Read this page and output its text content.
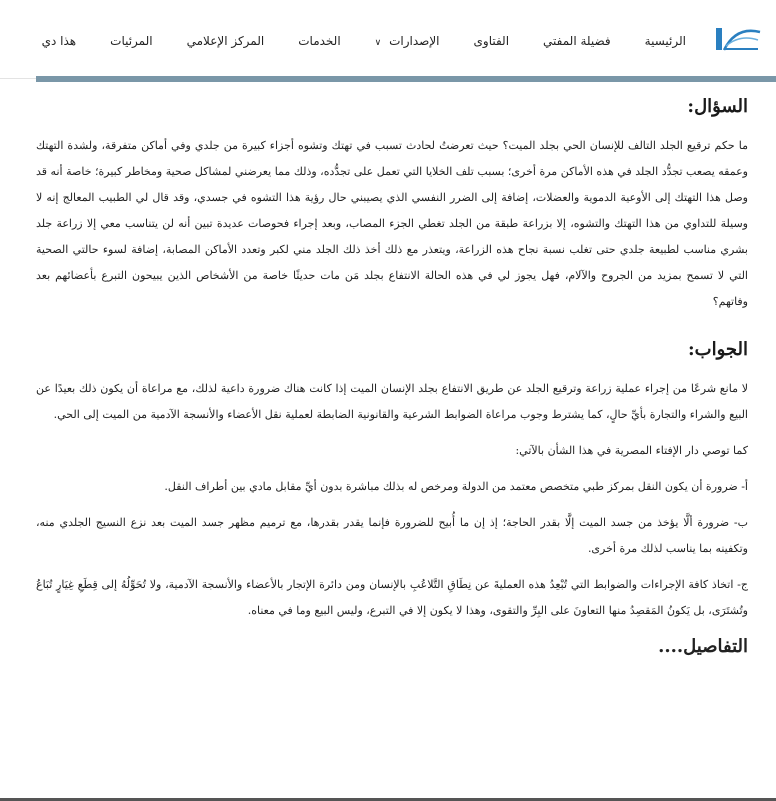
الرئيسية
فضيلة المفتي
الفتاوى
الإصدارات ∨
الخدمات
المركز الإعلامي
المرئيات
هذا دي
السؤال:

ما حكم ترقيع الجلد التالف للإنسان الحي بجلد الميت؟ حيث تعرضتُ لحادث تسبب في تهتك وتشوه أجزاء كبيرة من جلدي وفي أماكن متفرقة، ولشدة التهتك وعمقه يصعب تجدُّد الجلد في هذه الأماكن مرة أخرى؛ بسبب تلف الخلايا التي تعمل على تجدُّده، وذلك مما يعرضني لمشاكل صحية ومخاطر كبيرة؛ خاصة أنه قد وصل هذا التهتك إلى الأوعية الدموية والعضلات، إضافة إلى الضرر النفسي الذي يصيبني حال رؤية هذا التشوه في جسدي، وقد قال لي الطبيب المعالج إنه لا وسيلة للتداوي من هذا التهتك والتشوه، إلا بزراعة طبقة من الجلد تغطي الجزء المصاب، وبعد إجراء فحوصات عديدة تبين أنه لن يتناسب معي إلا زراعة جلد بشري مناسب لطبيعة جلدي حتى تغلب نسبة نجاح هذه الزراعة، ويتعذر مع ذلك أخذ ذلك الجلد مني لكبر وتعدد الأماكن المصابة، إضافة لسوء حالتي الصحية التي لا تسمح بمزيد من الجروح والآلام، فهل يجوز لي في هذه الحالة الانتفاع بجلد مَن مات حديثًا خاصة من الأشخاص الذين يبيحون التبرع بأعضائهم بعد وفاتهم؟

الجواب:

لا مانع شرعًا من إجراء عملية زراعة وترقيع الجلد عن طريق الانتفاع بجلد الإنسان الميت إذا كانت هناك ضرورة داعية لذلك، مع مراعاة أن يكون ذلك بعيدًا عن البيع والشراء والتجارة بأيِّ حالٍ، كما يشترط وجوب مراعاة الضوابط الشرعية والقانونية الضابطة لعملية نقل الأعضاء والأنسجة الآدمية من الميت إلى الحي.

كما توصي دار الإفتاء المصرية في هذا الشأن بالآتي:

أ- ضرورة أن يكون النقل بمركز طبي متخصص معتمد من الدولة ومرخص له بذلك مباشرة بدون أيِّ مقابل مادي بين أطراف النقل.

ب- ضرورة ألَّا يؤخذ من جسد الميت إلَّا بقدر الحاجة؛ إذ إن ما أُبيح للضرورة فإنما يقدر بقدرها، مع ترميم مظهر جسد الميت بعد نزع النسيج الجلدي منه، وتكفينه بما يناسب لذلك مرة أخرى.

ج- اتخاذ كافة الإجراءات والضوابط التي تُبْعِدُ هذه العمليةَ عن نِطَاقِ التَّلاعُبِ بالإنسان ومن دائرة الإتجار بالأعضاء والأنسجة الآدمية، ولا تُحَوِّلُهُ إلى قِطَعِ غِيَارٍ تُبَاعُ وتُشتَرَى، بل يَكونُ المَقصِدُ منها التعاونَ على البِرِّ والتقوى، وهذا لا يكون إلا في التبرع، وليس البيع وما في معناه.

التفاصيل....
